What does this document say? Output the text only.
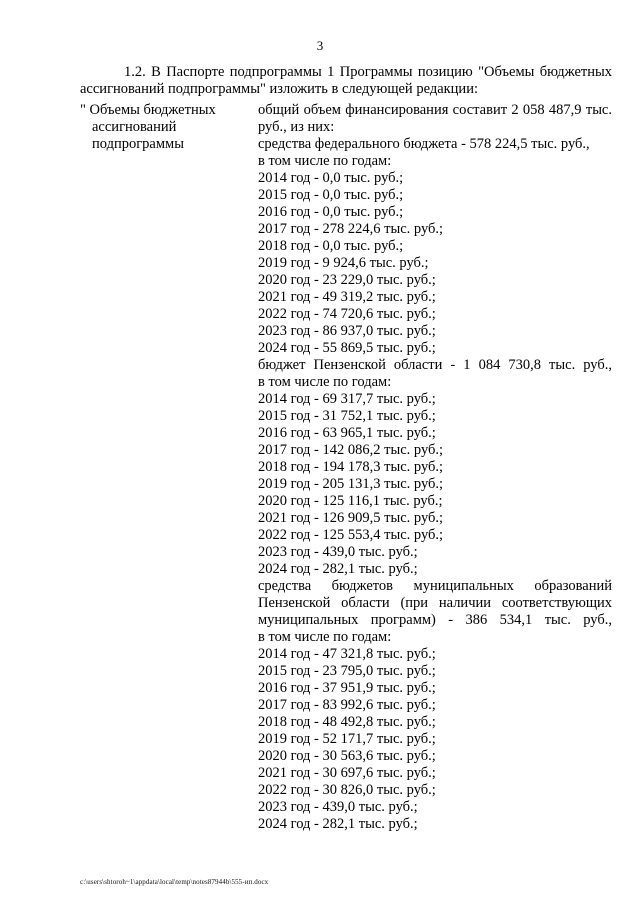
3
1.2. В Паспорте подпрограммы 1 Программы позицию "Объемы бюджетных ассигнований подпрограммы" изложить в следующей редакции:
" Объемы бюджетных
ассигнований
подпрограммы
общий объем финансирования составит 2 058 487,9 тыс.
руб., из них:
средства федерального бюджета - 578 224,5 тыс. руб.,
в том числе по годам:
2014 год - 0,0 тыс. руб.;
2015 год - 0,0 тыс. руб.;
2016 год - 0,0 тыс. руб.;
2017 год - 278 224,6 тыс. руб.;
2018 год - 0,0 тыс. руб.;
2019 год - 9 924,6 тыс. руб.;
2020 год - 23 229,0 тыс. руб.;
2021 год - 49 319,2 тыс. руб.;
2022 год - 74 720,6 тыс. руб.;
2023 год - 86 937,0 тыс. руб.;
2024 год - 55 869,5 тыс. руб.;
бюджет Пензенской области - 1 084 730,8 тыс. руб.,
в том числе по годам:
2014 год - 69 317,7 тыс. руб.;
2015 год - 31 752,1 тыс. руб.;
2016 год - 63 965,1 тыс. руб.;
2017 год - 142 086,2 тыс. руб.;
2018 год - 194 178,3 тыс. руб.;
2019 год - 205 131,3 тыс. руб.;
2020 год - 125 116,1 тыс. руб.;
2021 год - 126 909,5 тыс. руб.;
2022 год - 125 553,4 тыс. руб.;
2023 год - 439,0 тыс. руб.;
2024 год - 282,1 тыс. руб.;
средства бюджетов муниципальных образований
Пензенской области (при наличии соответствующих
муниципальных программ) - 386 534,1 тыс. руб.,
в том числе по годам:
2014 год - 47 321,8 тыс. руб.;
2015 год - 23 795,0 тыс. руб.;
2016 год - 37 951,9 тыс. руб.;
2017 год - 83 992,6 тыс. руб.;
2018 год - 48 492,8 тыс. руб.;
2019 год - 52 171,7 тыс. руб.;
2020 год - 30 563,6 тыс. руб.;
2021 год - 30 697,6 тыс. руб.;
2022 год - 30 826,0 тыс. руб.;
2023 год - 439,0 тыс. руб.;
2024 год - 282,1 тыс. руб.;
c:\users\shtoroh~1\appdata\local\temp\notes87944b\555-ип.docx
